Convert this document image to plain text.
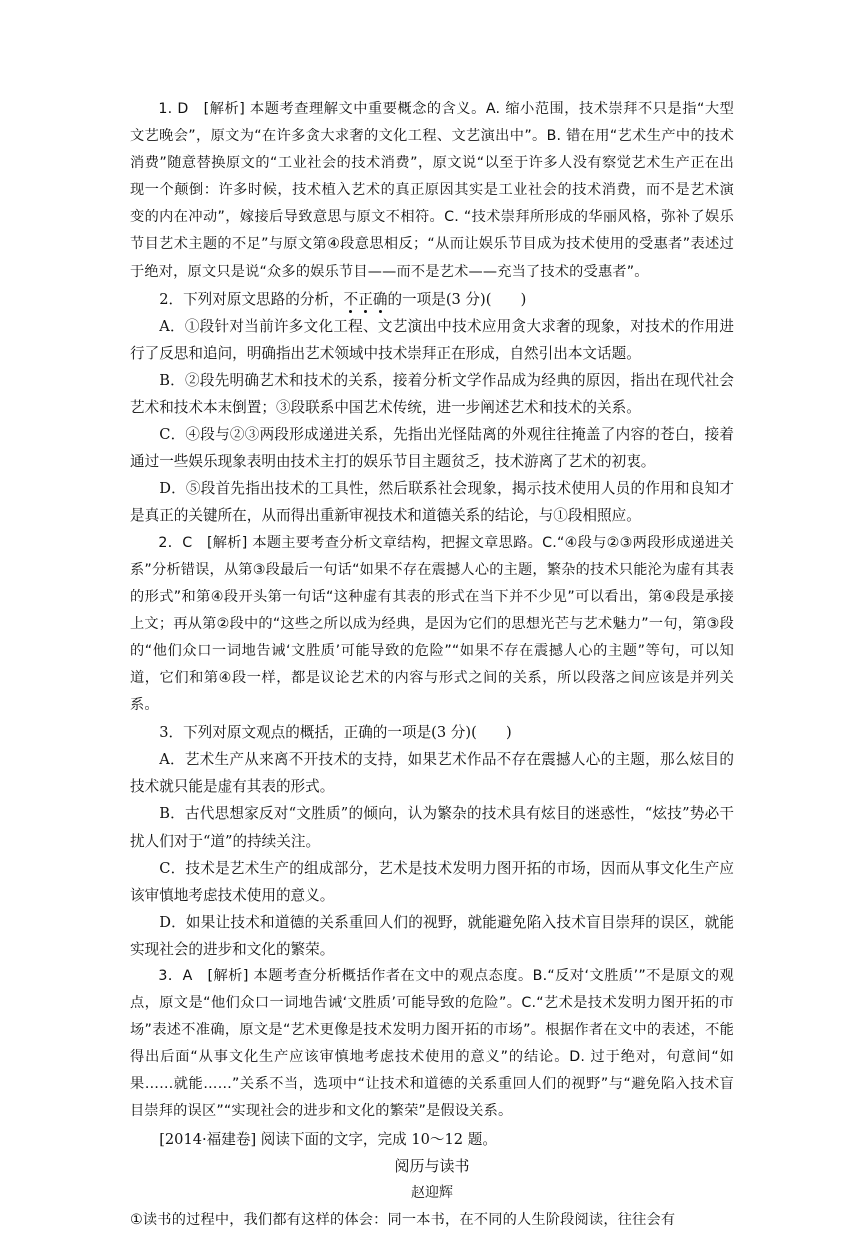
1. D　 [解析] 本题考查理解文中重要概念的含义。A. 缩小范围，技术崇拜不只是指“大型文艺晚会”，原文为“在许多贪大求奢的文化工程、文艺演出中”。B. 错在用“艺术生产中的技术消费”随意替换原文的“工业社会的技术消费”，原文说“以至于许多人没有察觉艺术生产正在出现一个颠倒：许多时候，技术植入艺术的真正原因其实是工业社会的技术消费，而不是艺术演变的内在冲动”，嫁接后导致意思与原文不相符。C. “技术崇拜所形成的华丽风格，弥补了娱乐节目艺术主题的不足”与原文第④段意思相反；“从而让娱乐节目成为技术使用的受惠者”表述过于绝对，原文只是说“众多的娱乐节目——而不是艺术——充当了技术的受惠者”。

2．下列对原文思路的分析，不正确的一项是(3 分)(　　)

A．①段针对当前许多文化工程、文艺演出中技术应用贪大求奢的现象，对技术的作用进行了反思和追问，明确指出艺术领域中技术崇拜正在形成，自然引出本文话题。

B．②段先明确艺术和技术的关系，接着分析文学作品成为经典的原因，指出在现代社会艺术和技术本末倒置；③段联系中国艺术传统，进一步阐述艺术和技术的关系。

C．④段与②③两段形成递进关系，先指出光怪陆离的外观往往掩盖了内容的苍白，接着通过一些娱乐现象表明由技术主打的娱乐节目主题贫乏，技术游离了艺术的初衷。

D．⑤段首先指出技术的工具性，然后联系社会现象，揭示技术使用人员的作用和良知才是真正的关键所在，从而得出重新审视技术和道德关系的结论，与①段相照应。

2．C　 [解析] 本题主要考查分析文章结构，把握文章思路。C.“④段与②③两段形成递进关系”分析错误，从第③段最后一句话“如果不存在震撼人心的主题，繁杂的技术只能沦为虚有其表的形式”和第④段开头第一句话“这种虚有其表的形式在当下并不少见”可以看出，第④段是承接上文；再从第②段中的“这些之所以成为经典，是因为它们的思想光芒与艺术魅力”一句，第③段的“他们众口一词地告诫‘文胜质’可能导致的危险”“如果不存在震撼人心的主题”等句，可以知道，它们和第④段一样，都是议论艺术的内容与形式之间的关系，所以段落之间应该是并列关系。

3．下列对原文观点的概括，正确的一项是(3 分)(　　)

A．艺术生产从来离不开技术的支持，如果艺术作品不存在震撼人心的主题，那么炫目的技术就只能是虚有其表的形式。

B．古代思想家反对“文胜质”的倾向，认为繁杂的技术具有炫目的迷惑性，“炫技”势必干扰人们对于“道”的持续关注。

C．技术是艺术生产的组成部分，艺术是技术发明力图开拓的市场，因而从事文化生产应该审慎地考虑技术使用的意义。

D．如果让技术和道德的关系重回人们的视野，就能避免陷入技术盲目崇拜的误区，就能实现社会的进步和文化的繁荣。

3．A　 [解析] 本题考查分析概括作者在文中的观点态度。B.“反对‘文胜质’”不是原文的观点，原文是“他们众口一词地告诫‘文胜质’可能导致的危险”。C.“艺术是技术发明力图开拓的市场”表述不准确，原文是“艺术更像是技术发明力图开拓的市场”。根据作者在文中的表述，不能得出后面“从事文化生产应该审慎地考虑技术使用的意义”的结论。D. 过于绝对，句意间“如果……就能……”关系不当，选项中“让技术和道德的关系重回人们的视野”与“避免陷入技术盲目崇拜的误区”“实现社会的进步和文化的繁荣”是假设关系。

[2014·福建卷] 阅读下面的文字，完成 10～12 题。

阅历与读书

赵迎辉

①读书的过程中，我们都有这样的体会：同一本书，在不同的人生阶段阅读，往往会有
